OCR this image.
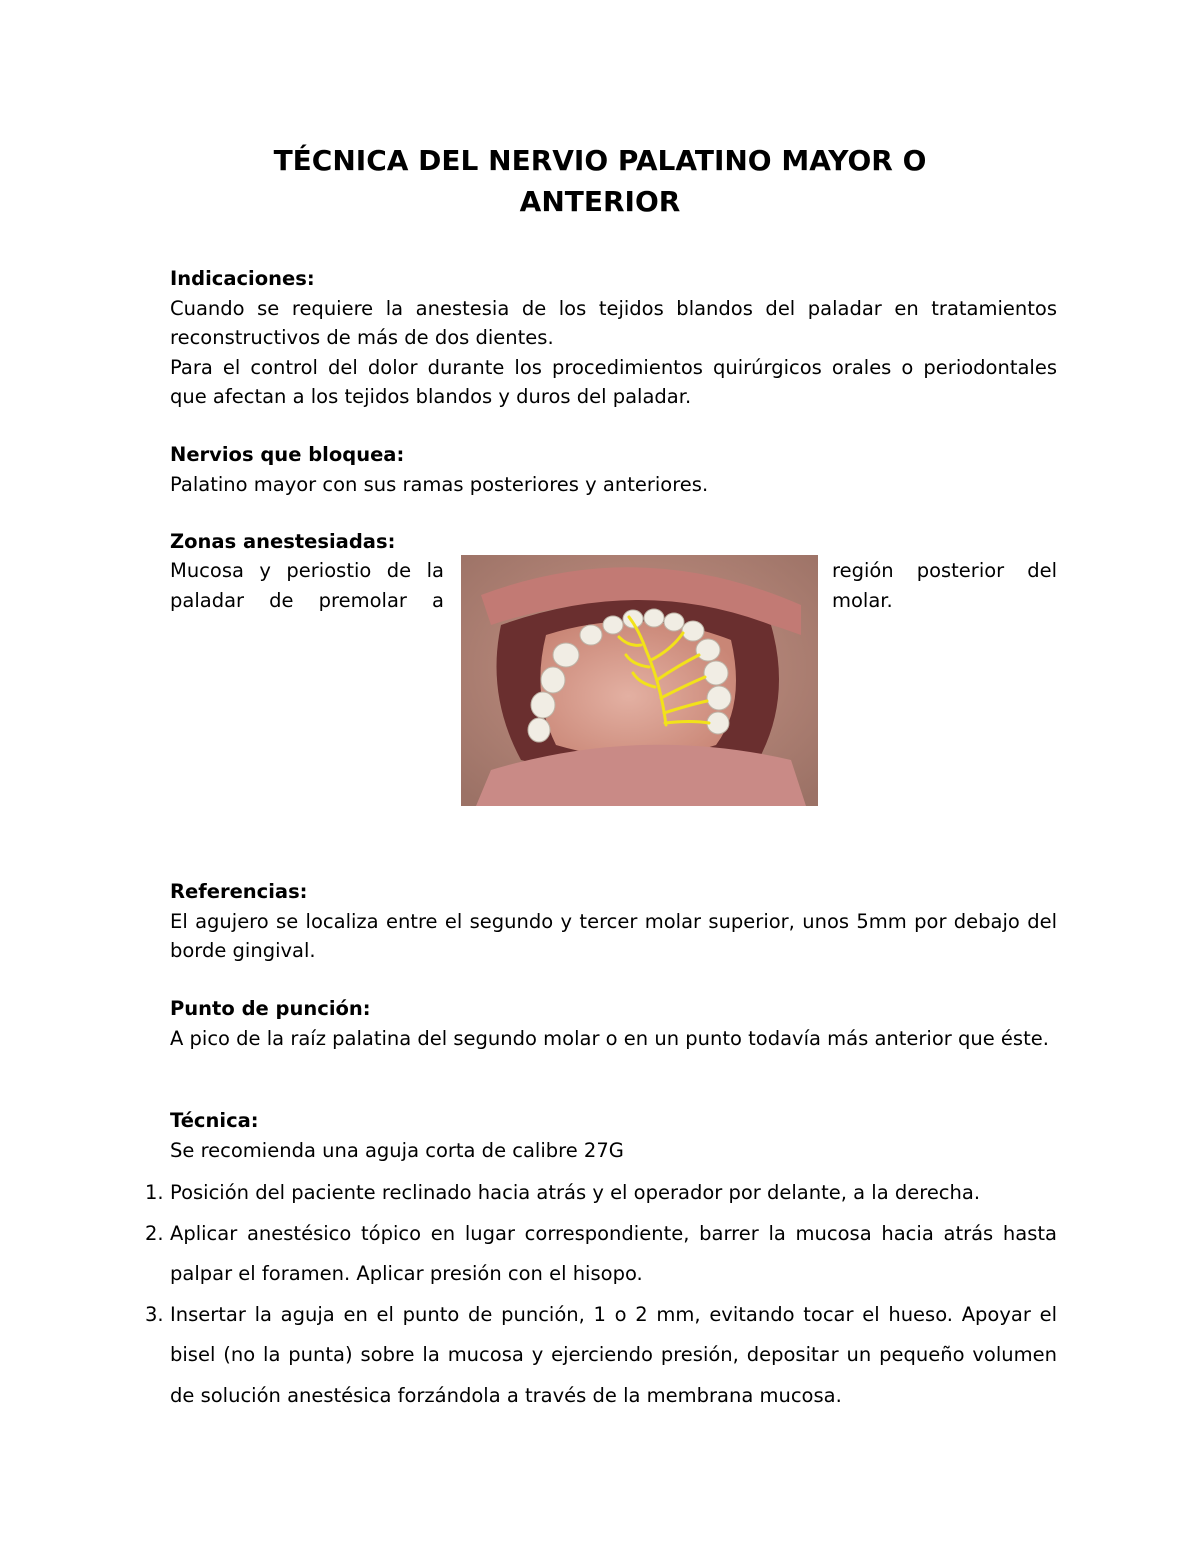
TÉCNICA DEL NERVIO PALATINO MAYOR O ANTERIOR
Indicaciones:
Cuando se requiere la anestesia de los tejidos blandos del paladar en tratamientos reconstructivos de más de dos dientes.
Para el control del dolor durante los procedimientos quirúrgicos orales o periodontales que afectan a los tejidos blandos y duros del paladar.
Nervios que bloquea:
Palatino mayor con sus ramas posteriores y anteriores.
Zonas anestesiadas:
Mucosa y periostio de la
paladar de premolar a
región posterior del
molar.
Referencias:
El agujero se localiza entre el segundo y tercer molar superior, unos 5mm por debajo del borde gingival.
Punto de punción:
A pico de la raíz palatina del segundo molar o en un punto todavía más anterior que éste.
Técnica:
Se recomienda una aguja corta de calibre 27G
1. Posición del paciente reclinado hacia atrás y el operador por delante, a la derecha.
2. Aplicar anestésico tópico en lugar correspondiente, barrer la mucosa hacia atrás hasta palpar el foramen. Aplicar presión con el hisopo.
3. Insertar la aguja en el punto de punción, 1 o 2 mm, evitando tocar el hueso. Apoyar el bisel (no la punta) sobre la mucosa y ejerciendo presión, depositar un pequeño volumen de solución anestésica forzándola a través de la membrana mucosa.
